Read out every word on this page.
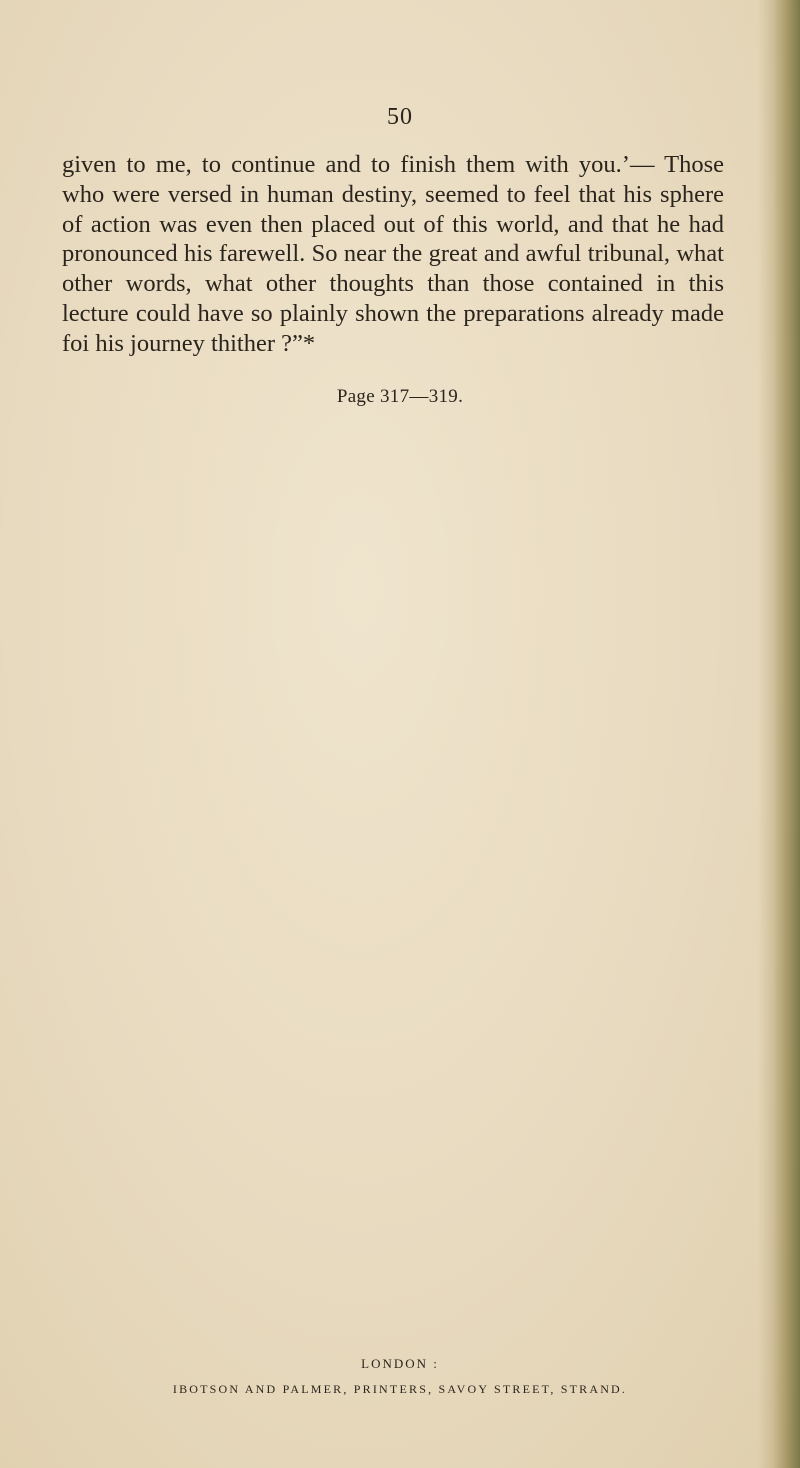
50

given to me, to continue and to finish them with you.’— Those who were versed in human destiny, seemed to feel that his sphere of action was even then placed out of this world, and that he had pronounced his farewell. So near the great and awful tribunal, what other words, what other thoughts than those contained in this lecture could have so plainly shown the preparations already made foi his journey thither ?”*

Page 317—319.
LONDON :
IBOTSON AND PALMER, PRINTERS, SAVOY STREET, STRAND.
